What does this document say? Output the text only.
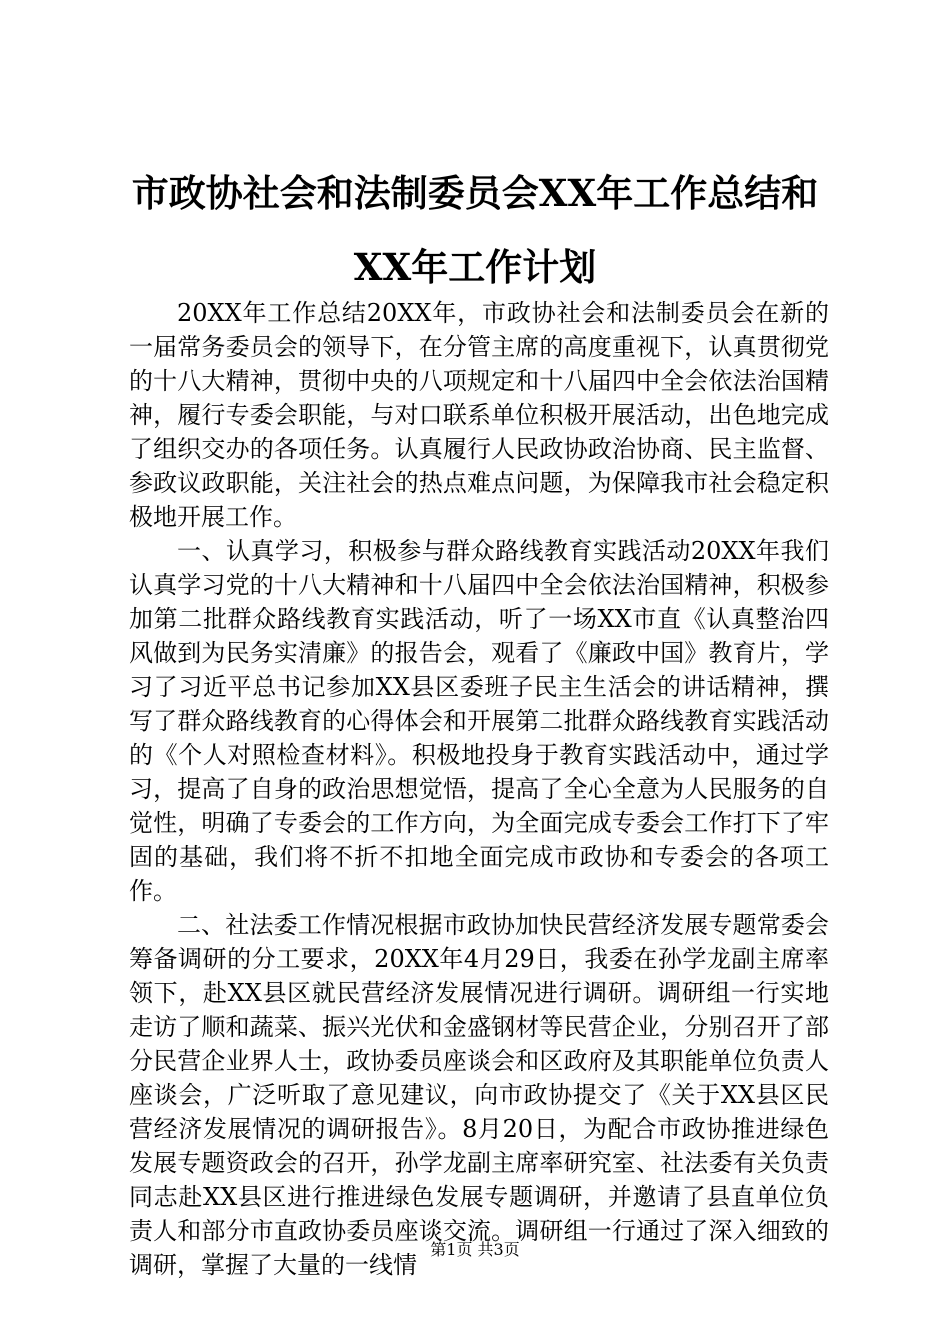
市政协社会和法制委员会XX年工作总结和XX年工作计划

20XX年工作总结20XX年，市政协社会和法制委员会在新的一届常务委员会的领导下，在分管主席的高度重视下，认真贯彻党的十八大精神，贯彻中央的八项规定和十八届四中全会依法治国精神，履行专委会职能，与对口联系单位积极开展活动，出色地完成了组织交办的各项任务。认真履行人民政协政治协商、民主监督、参政议政职能，关注社会的热点难点问题，为保障我市社会稳定积极地开展工作。

一、认真学习，积极参与群众路线教育实践活动20XX年我们认真学习党的十八大精神和十八届四中全会依法治国精神，积极参加第二批群众路线教育实践活动，听了一场XX市直《认真整治四风做到为民务实清廉》的报告会，观看了《廉政中国》教育片，学习了习近平总书记参加XX县区委班子民主生活会的讲话精神，撰写了群众路线教育的心得体会和开展第二批群众路线教育实践活动的《个人对照检查材料》。积极地投身于教育实践活动中，通过学习，提高了自身的政治思想觉悟，提高了全心全意为人民服务的自觉性，明确了专委会的工作方向，为全面完成专委会工作打下了牢固的基础，我们将不折不扣地全面完成市政协和专委会的各项工作。

二、社法委工作情况根据市政协加快民营经济发展专题常委会筹备调研的分工要求，20XX年4月29日，我委在孙学龙副主席率领下，赴XX县区就民营经济发展情况进行调研。调研组一行实地走访了顺和蔬菜、振兴光伏和金盛钢材等民营企业，分别召开了部分民营企业界人士，政协委员座谈会和区政府及其职能单位负责人座谈会，广泛听取了意见建议，向市政协提交了《关于XX县区民营经济发展情况的调研报告》。8月20日，为配合市政协推进绿色发展专题资政会的召开，孙学龙副主席率研究室、社法委有关负责同志赴XX县区进行推进绿色发展专题调研，并邀请了县直单位负责人和部分市直政协委员座谈交流。调研组一行通过了深入细致的调研，掌握了大量的一线情

第1页 共3页
